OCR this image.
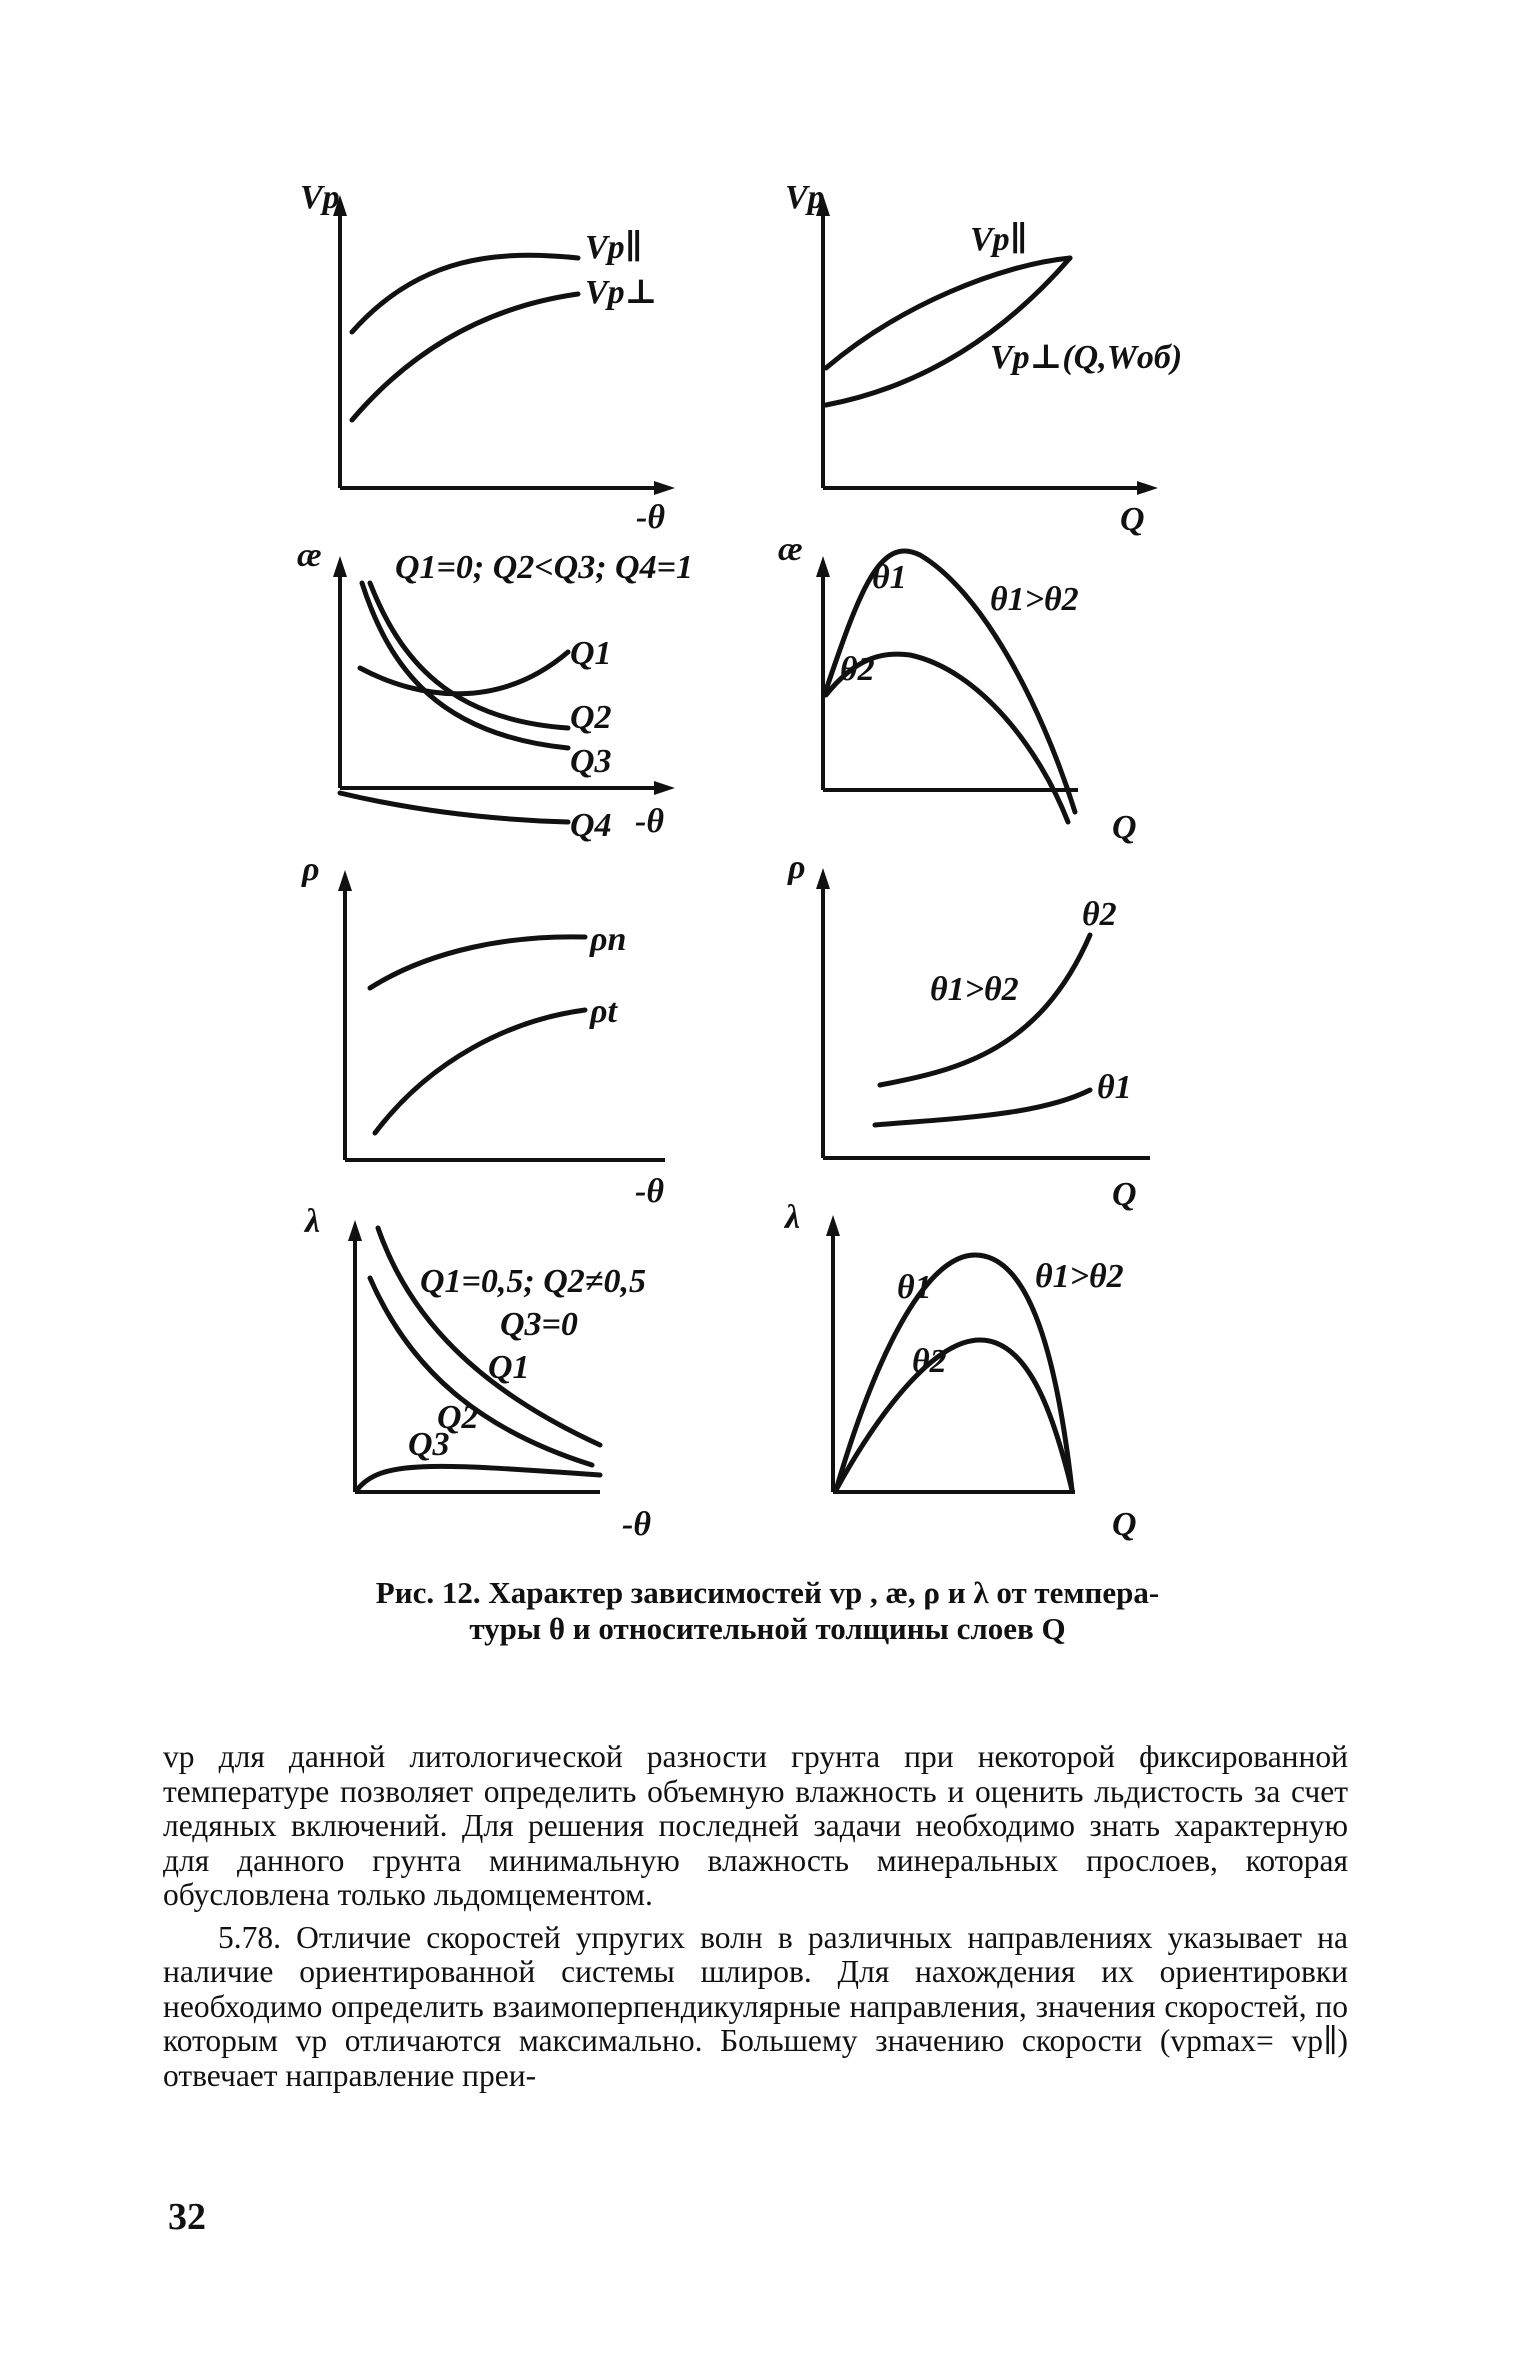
Vp
-θ
Vp∥
Vp⊥
Vp
Q
Vp∥
Vp⊥(Q,Wоб)
æ
-θ
Q1=0; Q2<Q3; Q4=1
Q1
Q2
Q3
Q4
æ
Q
θ1>θ2
θ1
θ2
ρ
-θ
ρп
ρt
ρ
Q
θ1>θ2
θ2
θ1
λ
-θ
Q1=0,5; Q2≠0,5
Q3=0
Q1
Q2
Q3
λ
Q
θ1>θ2
θ1
θ2
Рис. 12. Характер зависимостей vp , æ, ρ и λ от темпера-
туры θ и относительной толщины слоев Q

vp для данной литологической разности грунта при некоторой фиксированной температуре позволяет определить объемную влажность и оценить льдистость за счет ледяных включений. Для решения последней задачи необходимо знать характерную для данного грунта минимальную влажность минеральных прослоев, которая обусловлена только льдомцементом.

5.78. Отличие скоростей упругих волн в различных направлениях указывает на наличие ориентированной системы шлиров. Для нахождения их ориентировки необходимо определить взаимоперпендикулярные направления, значения скоростей, по которым vp отличаются максимально. Большему значению скорости (vpmax= vp∥) отвечает направление преи-

32
